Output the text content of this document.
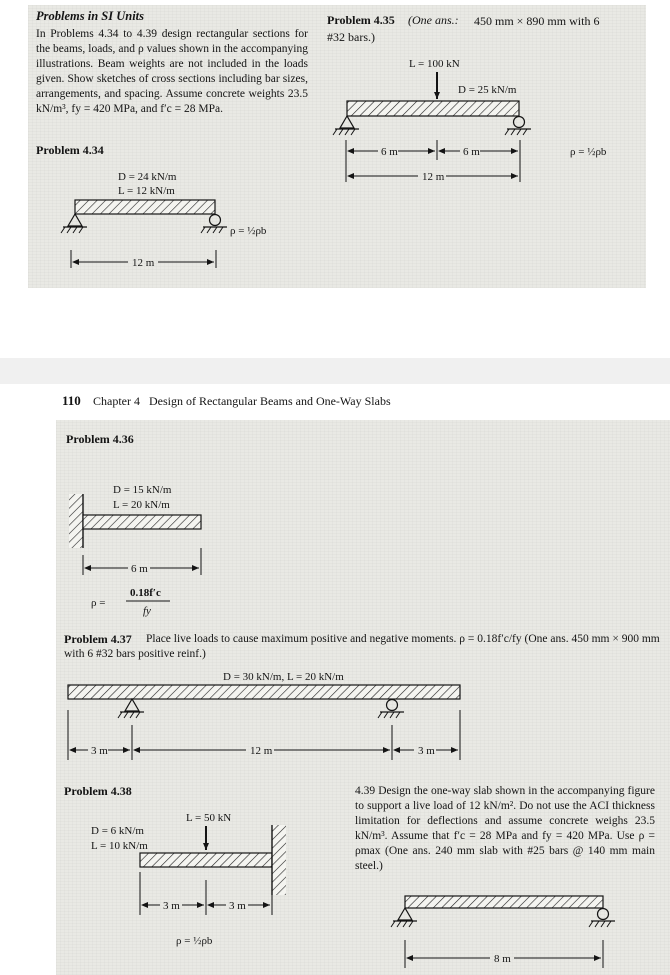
Problems in SI Units
In Problems 4.34 to 4.39 design rectangular sections for the beams, loads, and ρ values shown in the accompanying illustrations. Beam weights are not included in the loads given. Show sketches of cross sections including bar sizes, arrangements, and spacing. Assume concrete weights 23.5 kN/m³, fy = 420 MPa, and f′c = 28 MPa.
Problem 4.34
Problem 4.35 (One ans.:	450 mm × 890 mm with 6 #32 bars.)
110 Chapter 4   Design of Rectangular Beams and One-Way Slabs
Problem 4.36
Problem 4.37	Place live loads to cause maximum positive and negative moments. ρ = 0.18f′c/fy (One ans. 450 mm × 900 mm with 6 #32 bars positive reinf.)
Problem 4.38	4.39 Design the one-way slab shown in the accompanying figure to support a live load of 12 kN/m². Do not use the ACI thickness limitation for deflections and assume concrete weighs 23.5 kN/m³. Assume that f′c = 28 MPa and fy = 420 MPa. Use ρ = ρmax (One ans. 240 mm slab with #25 bars @ 140 mm main steel.)
D = 24 kN/m
L = 12 kN/m
ρ = ½ρb
12 m
L = 100 kN
D = 25 kN/m
ρ = ½ρb
6 m	6 m
12 m
D = 15 kN/m
L = 20 kN/m
6 m
ρ =
0.18f′c
fy
D = 30 kN/m, L = 20 kN/m
3 m	12 m	3 m
L = 50 kN
D = 6 kN/m
L = 10 kN/m
3 m	3 m
ρ = ½ρb
8 m
